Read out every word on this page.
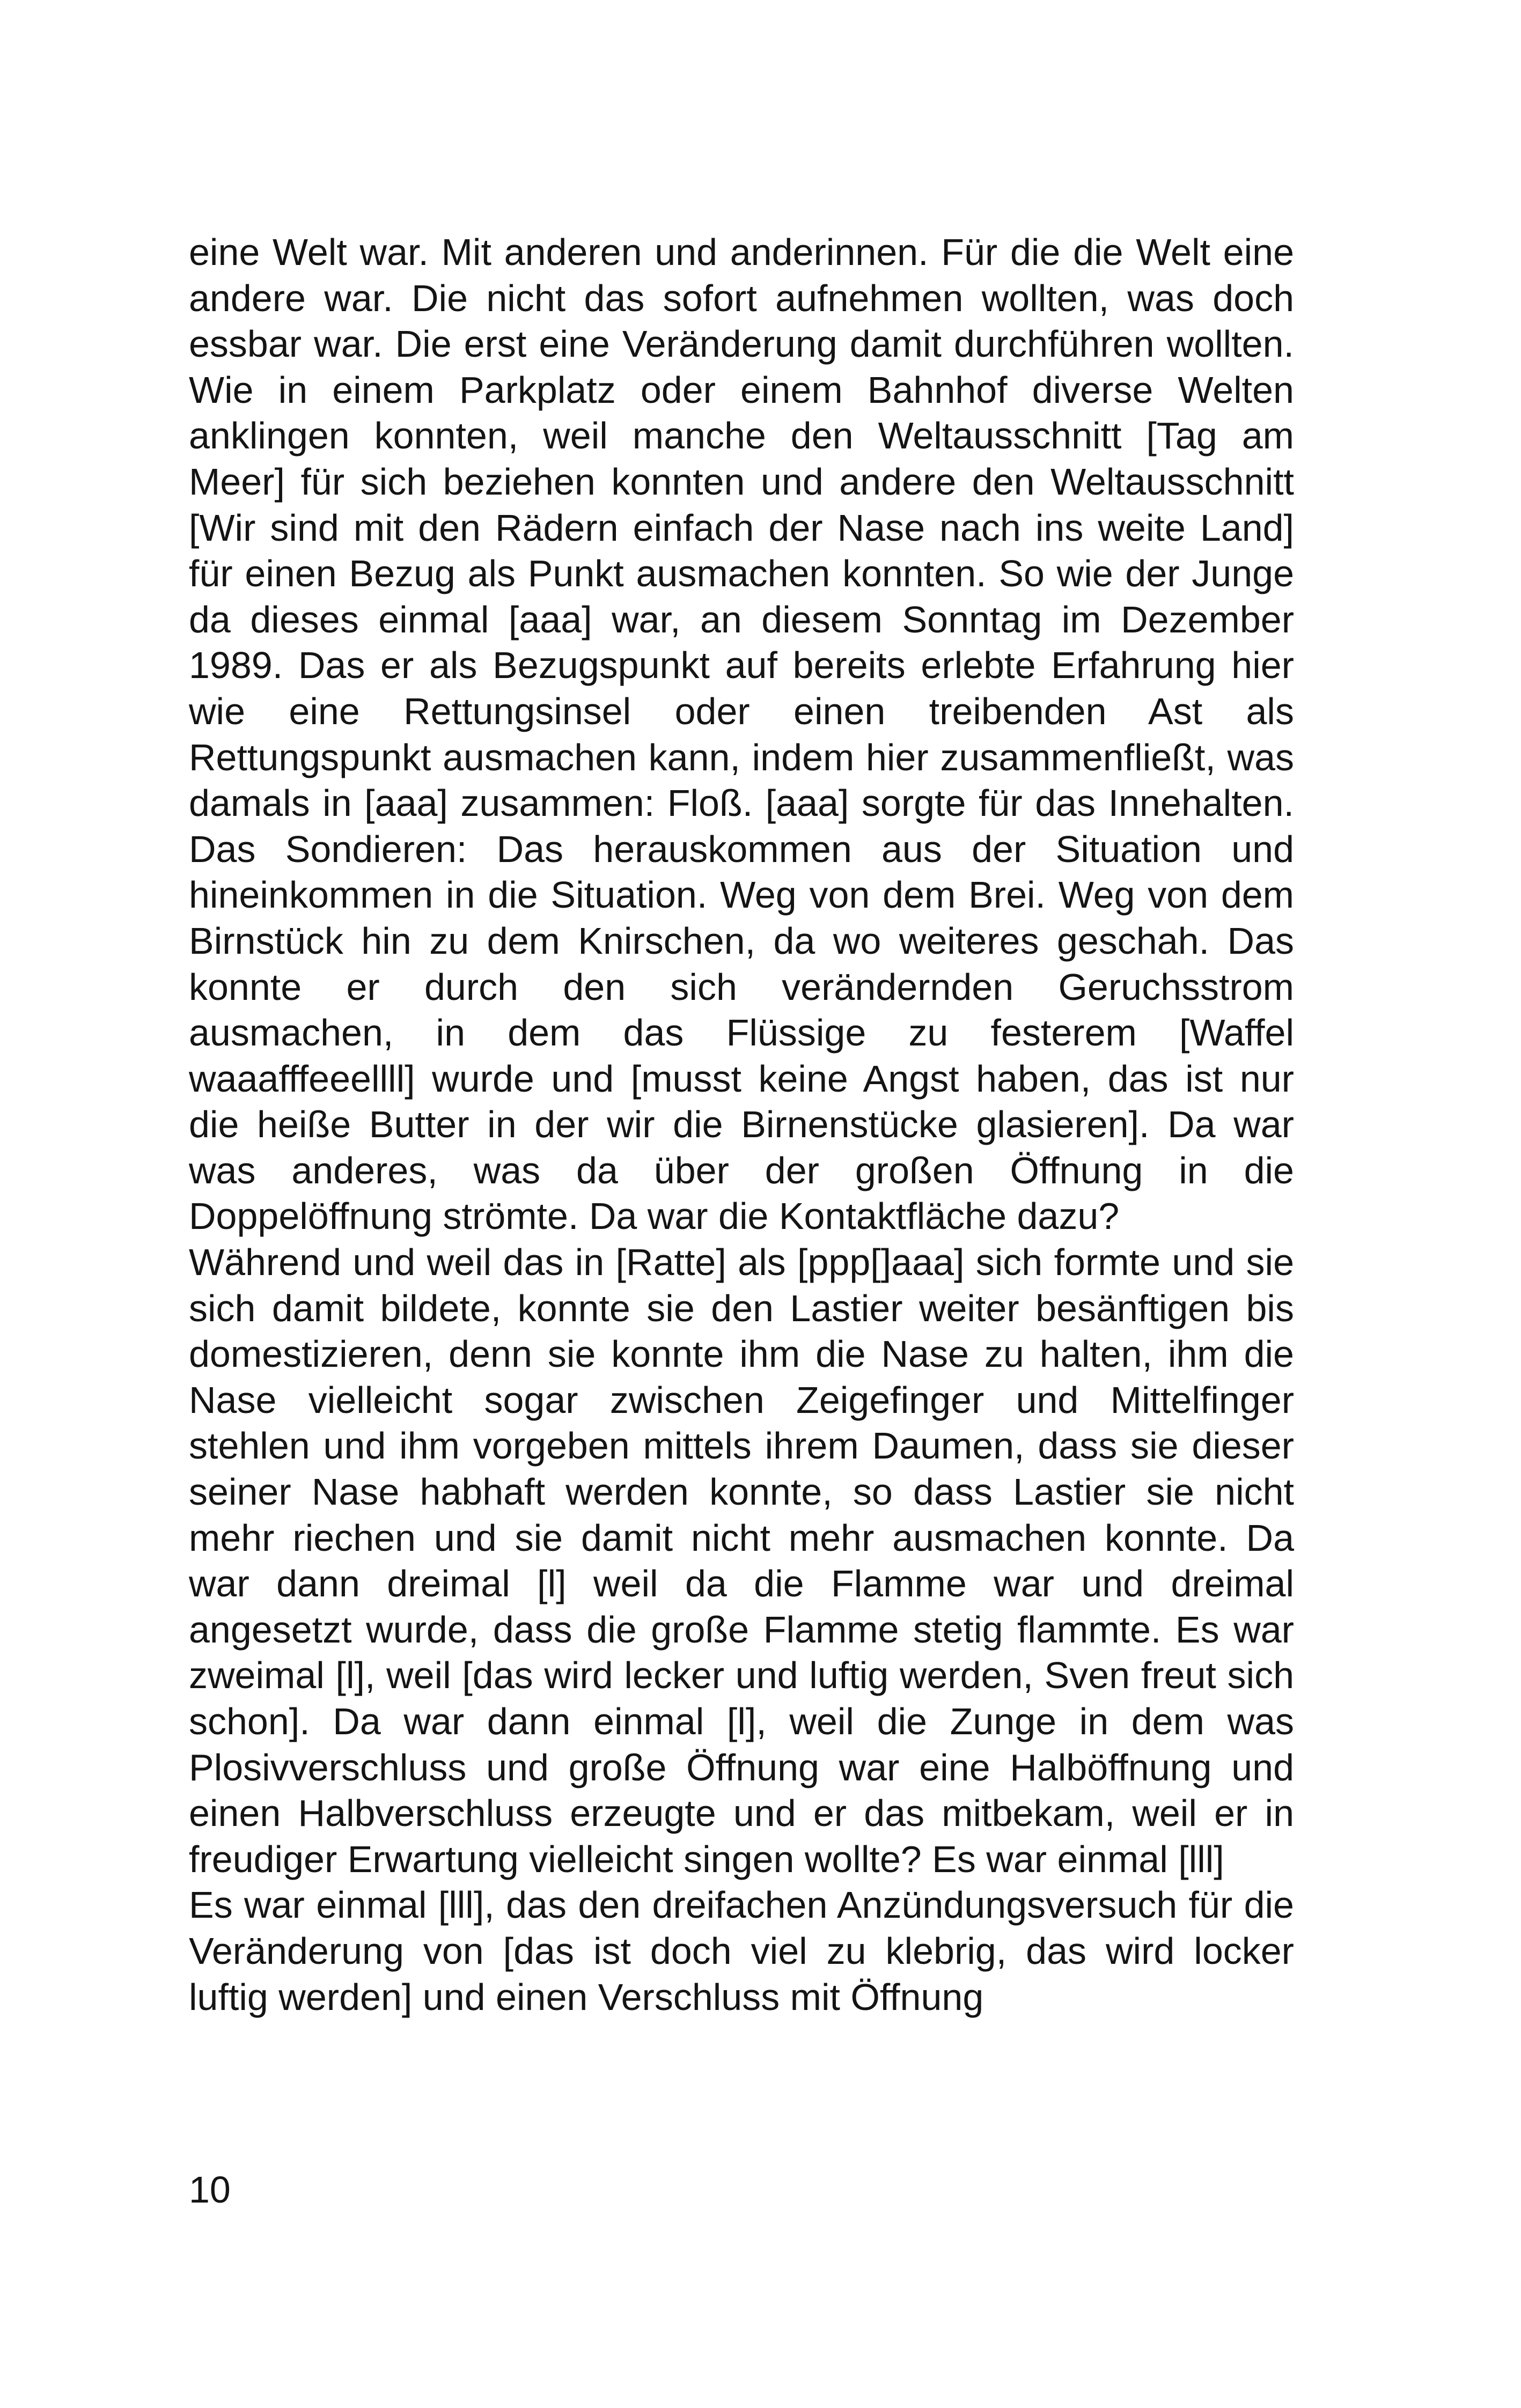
eine Welt war. Mit anderen und anderinnen. Für die die Welt eine andere war. Die nicht das sofort aufnehmen wollten, was doch essbar war. Die erst eine Veränderung damit durchführen wollten. Wie in einem Parkplatz oder einem Bahnhof diverse Welten anklingen konnten, weil manche den Weltausschnitt [Tag am Meer] für sich beziehen konnten und andere den Weltausschnitt [Wir sind mit den Rädern einfach der Nase nach ins weite Land] für einen Bezug als Punkt ausmachen konnten. So wie der Junge da dieses einmal [aaa] war, an diesem Sonntag im Dezember 1989. Das er als Bezugspunkt auf bereits erlebte Erfahrung hier wie eine Rettungsinsel oder einen treibenden Ast als Rettungspunkt ausmachen kann, indem hier zusammenfließt, was damals in [aaa] zusammen: Floß. [aaa] sorgte für das Innehalten. Das Sondieren: Das herauskommen aus der Situation und hineinkommen in die Situation. Weg von dem Brei. Weg von dem Birnstück hin zu dem Knirschen, da wo weiteres geschah. Das konnte er durch den sich verändernden Geruchsstrom ausmachen, in dem das Flüssige zu festerem [Waffel waaafffeeellll] wurde und [musst keine Angst haben, das ist nur die heiße Butter in der wir die Birnenstücke glasieren]. Da war was anderes, was da über der großen Öffnung in die Doppelöffnung strömte. Da war die Kontaktfläche dazu?

Während und weil das in [Ratte] als [ppp[]aaa] sich formte und sie sich damit bildete, konnte sie den Lastier weiter besänftigen bis domestizieren, denn sie konnte ihm die Nase zu halten, ihm die Nase vielleicht sogar zwischen Zeigefinger und Mittelfinger stehlen und ihm vorgeben mittels ihrem Daumen, dass sie dieser seiner Nase habhaft werden konnte, so dass Lastier sie nicht mehr riechen und sie damit nicht mehr ausmachen konnte. Da war dann dreimal [l] weil da die Flamme war und dreimal angesetzt wurde, dass die große Flamme stetig flammte. Es war zweimal [l], weil [das wird lecker und luftig werden, Sven freut sich schon]. Da war dann einmal [l], weil die Zunge in dem was Plosivverschluss und große Öffnung war eine Halböffnung und einen Halbverschluss erzeugte und er das mitbekam, weil er in freudiger Erwartung vielleicht singen wollte? Es war einmal [lll]

Es war einmal [lll], das den dreifachen Anzündungsversuch für die Veränderung von [das ist doch viel zu klebrig, das wird locker luftig werden] und einen Verschluss mit Öffnung

10
